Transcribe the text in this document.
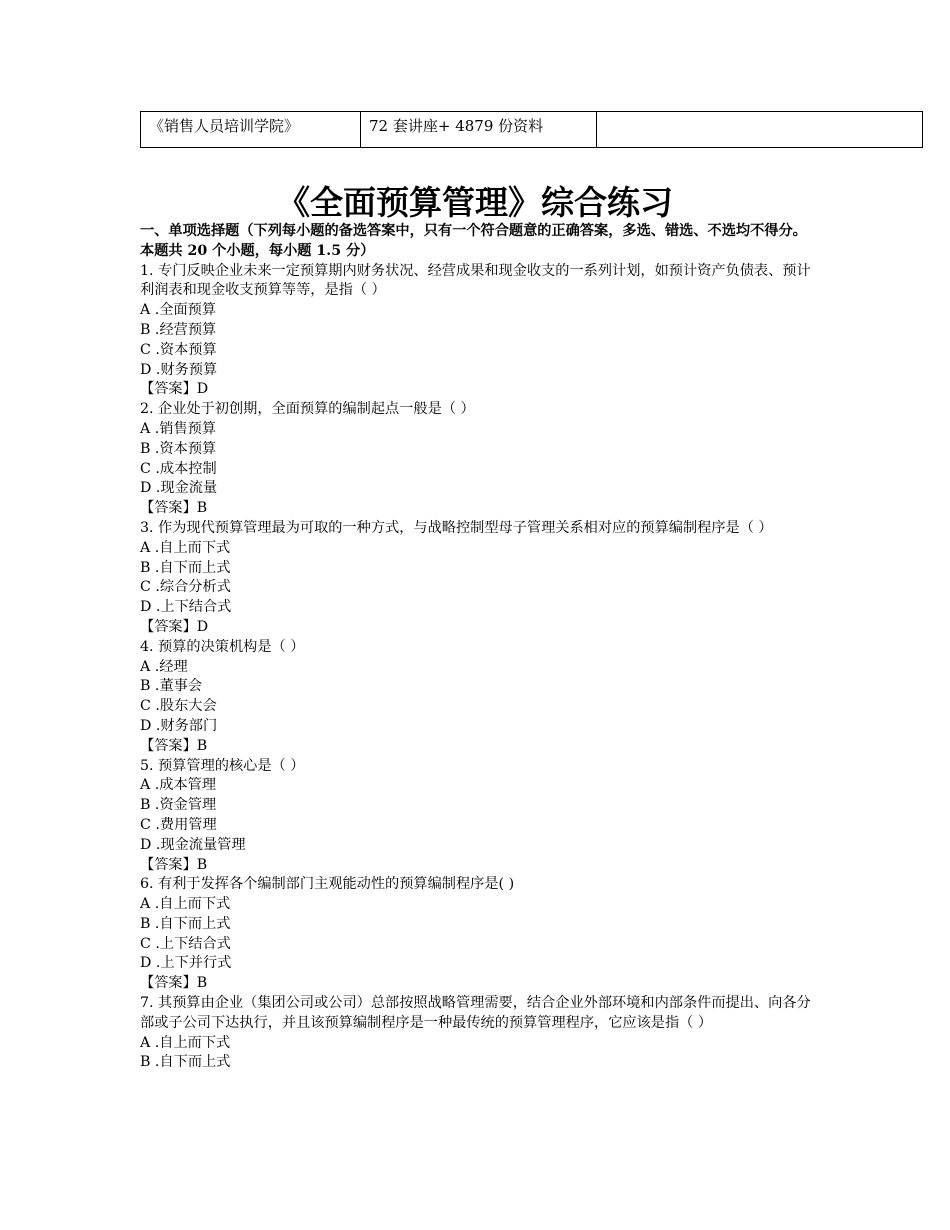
《销售人员培训学院》	72 套讲座+ 4879 份资料	
《全面预算管理》综合练习
一、单项选择题（下列每小题的备选答案中，只有一个符合题意的正确答案，多选、错选、不选均不得分。本题共 20 个小题，每小题 1.5 分）
1. 专门反映企业未来一定预算期内财务状况、经营成果和现金收支的一系列计划，如预计资产负债表、预计利润表和现金收支预算等等，是指（ ）
A .全面预算
B .经营预算
C .资本预算
D .财务预算
【答案】D
2. 企业处于初创期，全面预算的编制起点一般是（ ）
A .销售预算
B .资本预算
C .成本控制
D .现金流量
【答案】B
3. 作为现代预算管理最为可取的一种方式，与战略控制型母子管理关系相对应的预算编制程序是（ ）
A .自上而下式
B .自下而上式
C .综合分析式
D .上下结合式
【答案】D
4. 预算的决策机构是（ ）
A .经理
B .董事会
C .股东大会
D .财务部门
【答案】B
5. 预算管理的核心是（ ）
A .成本管理
B .资金管理
C .费用管理
D .现金流量管理
【答案】B
6. 有利于发挥各个编制部门主观能动性的预算编制程序是( )
A .自上而下式
B .自下而上式
C .上下结合式
D .上下并行式
【答案】B
7. 其预算由企业（集团公司或公司）总部按照战略管理需要，结合企业外部环境和内部条件而提出、向各分部或子公司下达执行，并且该预算编制程序是一种最传统的预算管理程序，它应该是指（ ）
A .自上而下式
B .自下而上式
